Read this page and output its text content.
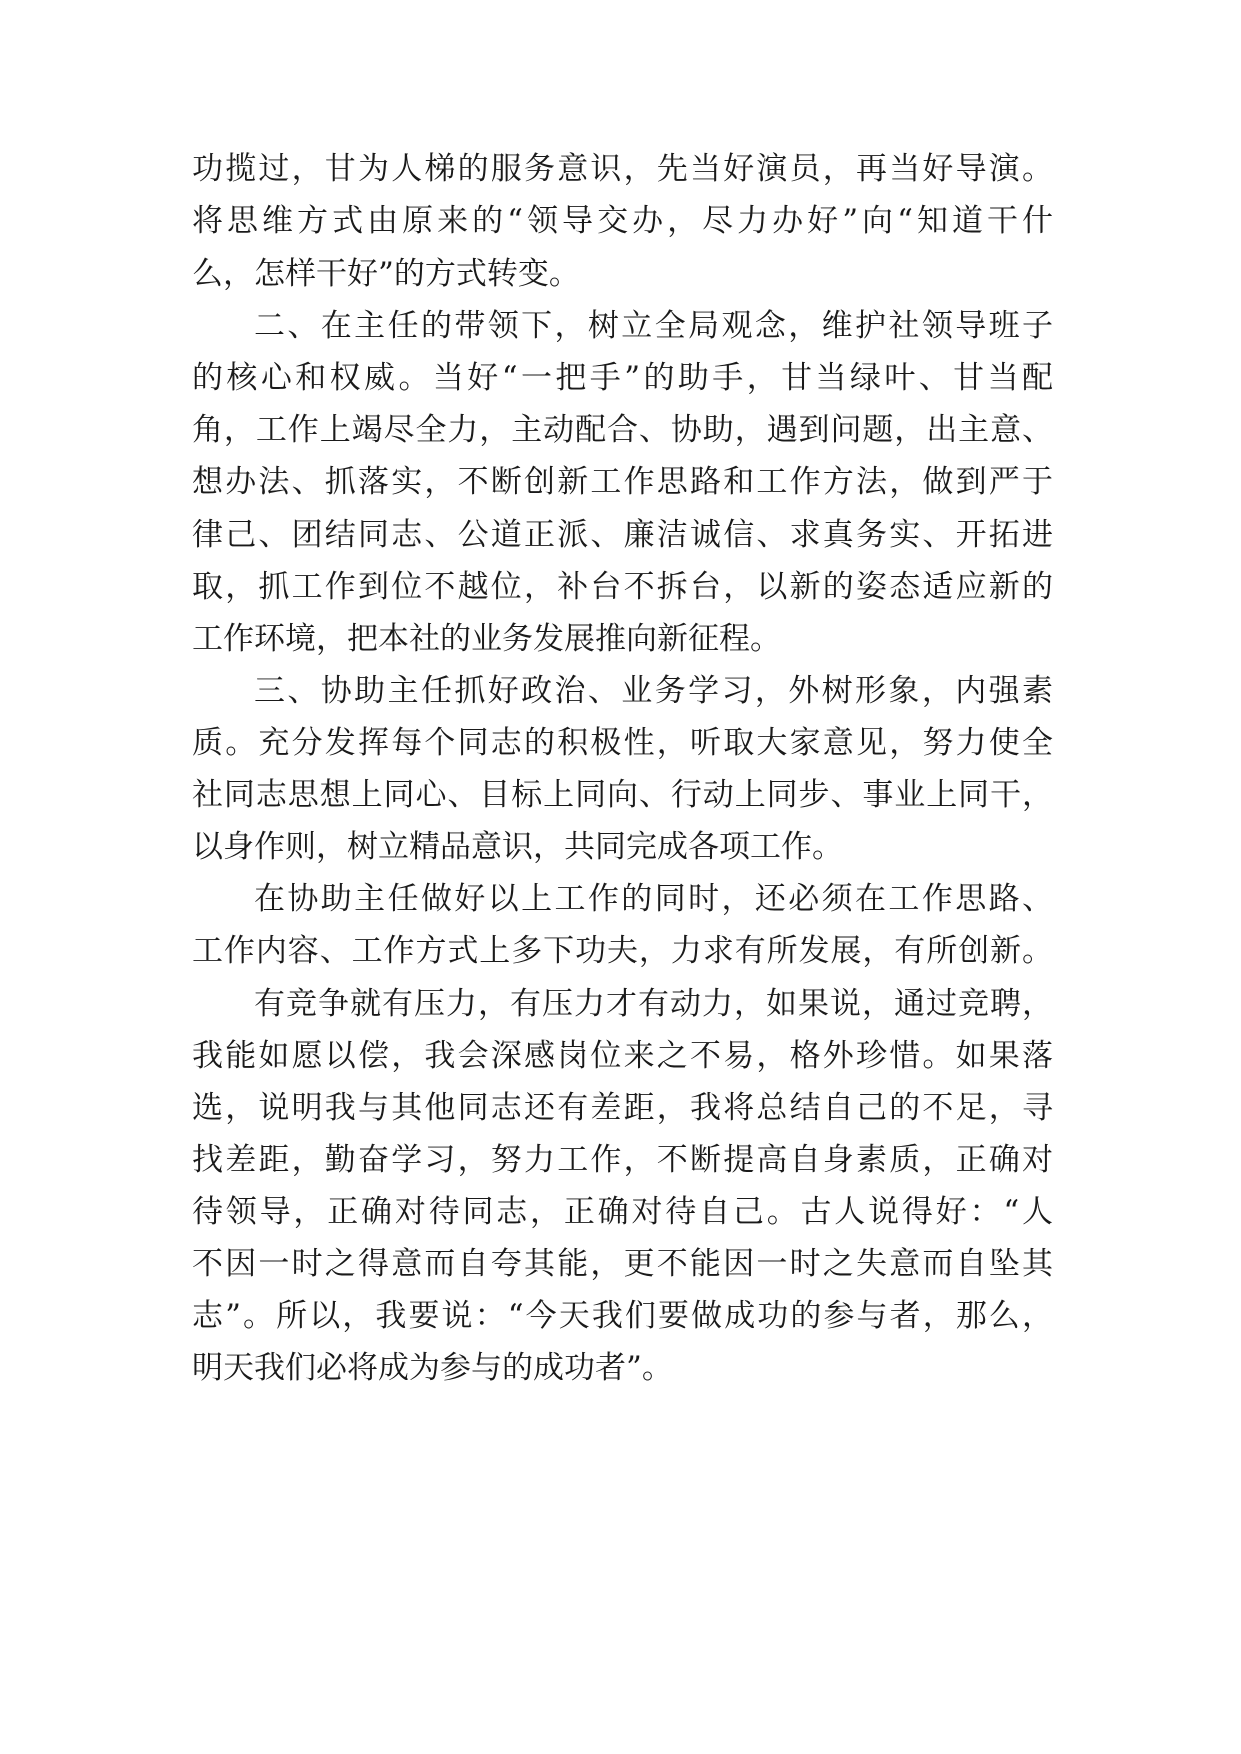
功揽过，甘为人梯的服务意识，先当好演员，再当好导演。
将思维方式由原来的“领导交办，尽力办好”向“知道干什
么，怎样干好”的方式转变。
二、在主任的带领下，树立全局观念，维护社领导班子
的核心和权威。当好“一把手”的助手，甘当绿叶、甘当配
角，工作上竭尽全力，主动配合、协助，遇到问题，出主意、
想办法、抓落实，不断创新工作思路和工作方法，做到严于
律己、团结同志、公道正派、廉洁诚信、求真务实、开拓进
取，抓工作到位不越位，补台不拆台，以新的姿态适应新的
工作环境，把本社的业务发展推向新征程。
三、协助主任抓好政治、业务学习，外树形象，内强素
质。充分发挥每个同志的积极性，听取大家意见，努力使全
社同志思想上同心、目标上同向、行动上同步、事业上同干，
以身作则，树立精品意识，共同完成各项工作。
在协助主任做好以上工作的同时，还必须在工作思路、
工作内容、工作方式上多下功夫，力求有所发展，有所创新。
有竞争就有压力，有压力才有动力，如果说，通过竞聘，
我能如愿以偿，我会深感岗位来之不易，格外珍惜。如果落
选，说明我与其他同志还有差距，我将总结自己的不足，寻
找差距，勤奋学习，努力工作，不断提高自身素质，正确对
待领导，正确对待同志，正确对待自己。古人说得好：“人
不因一时之得意而自夸其能，更不能因一时之失意而自坠其
志”。所以，我要说：“今天我们要做成功的参与者，那么，
明天我们必将成为参与的成功者”。
